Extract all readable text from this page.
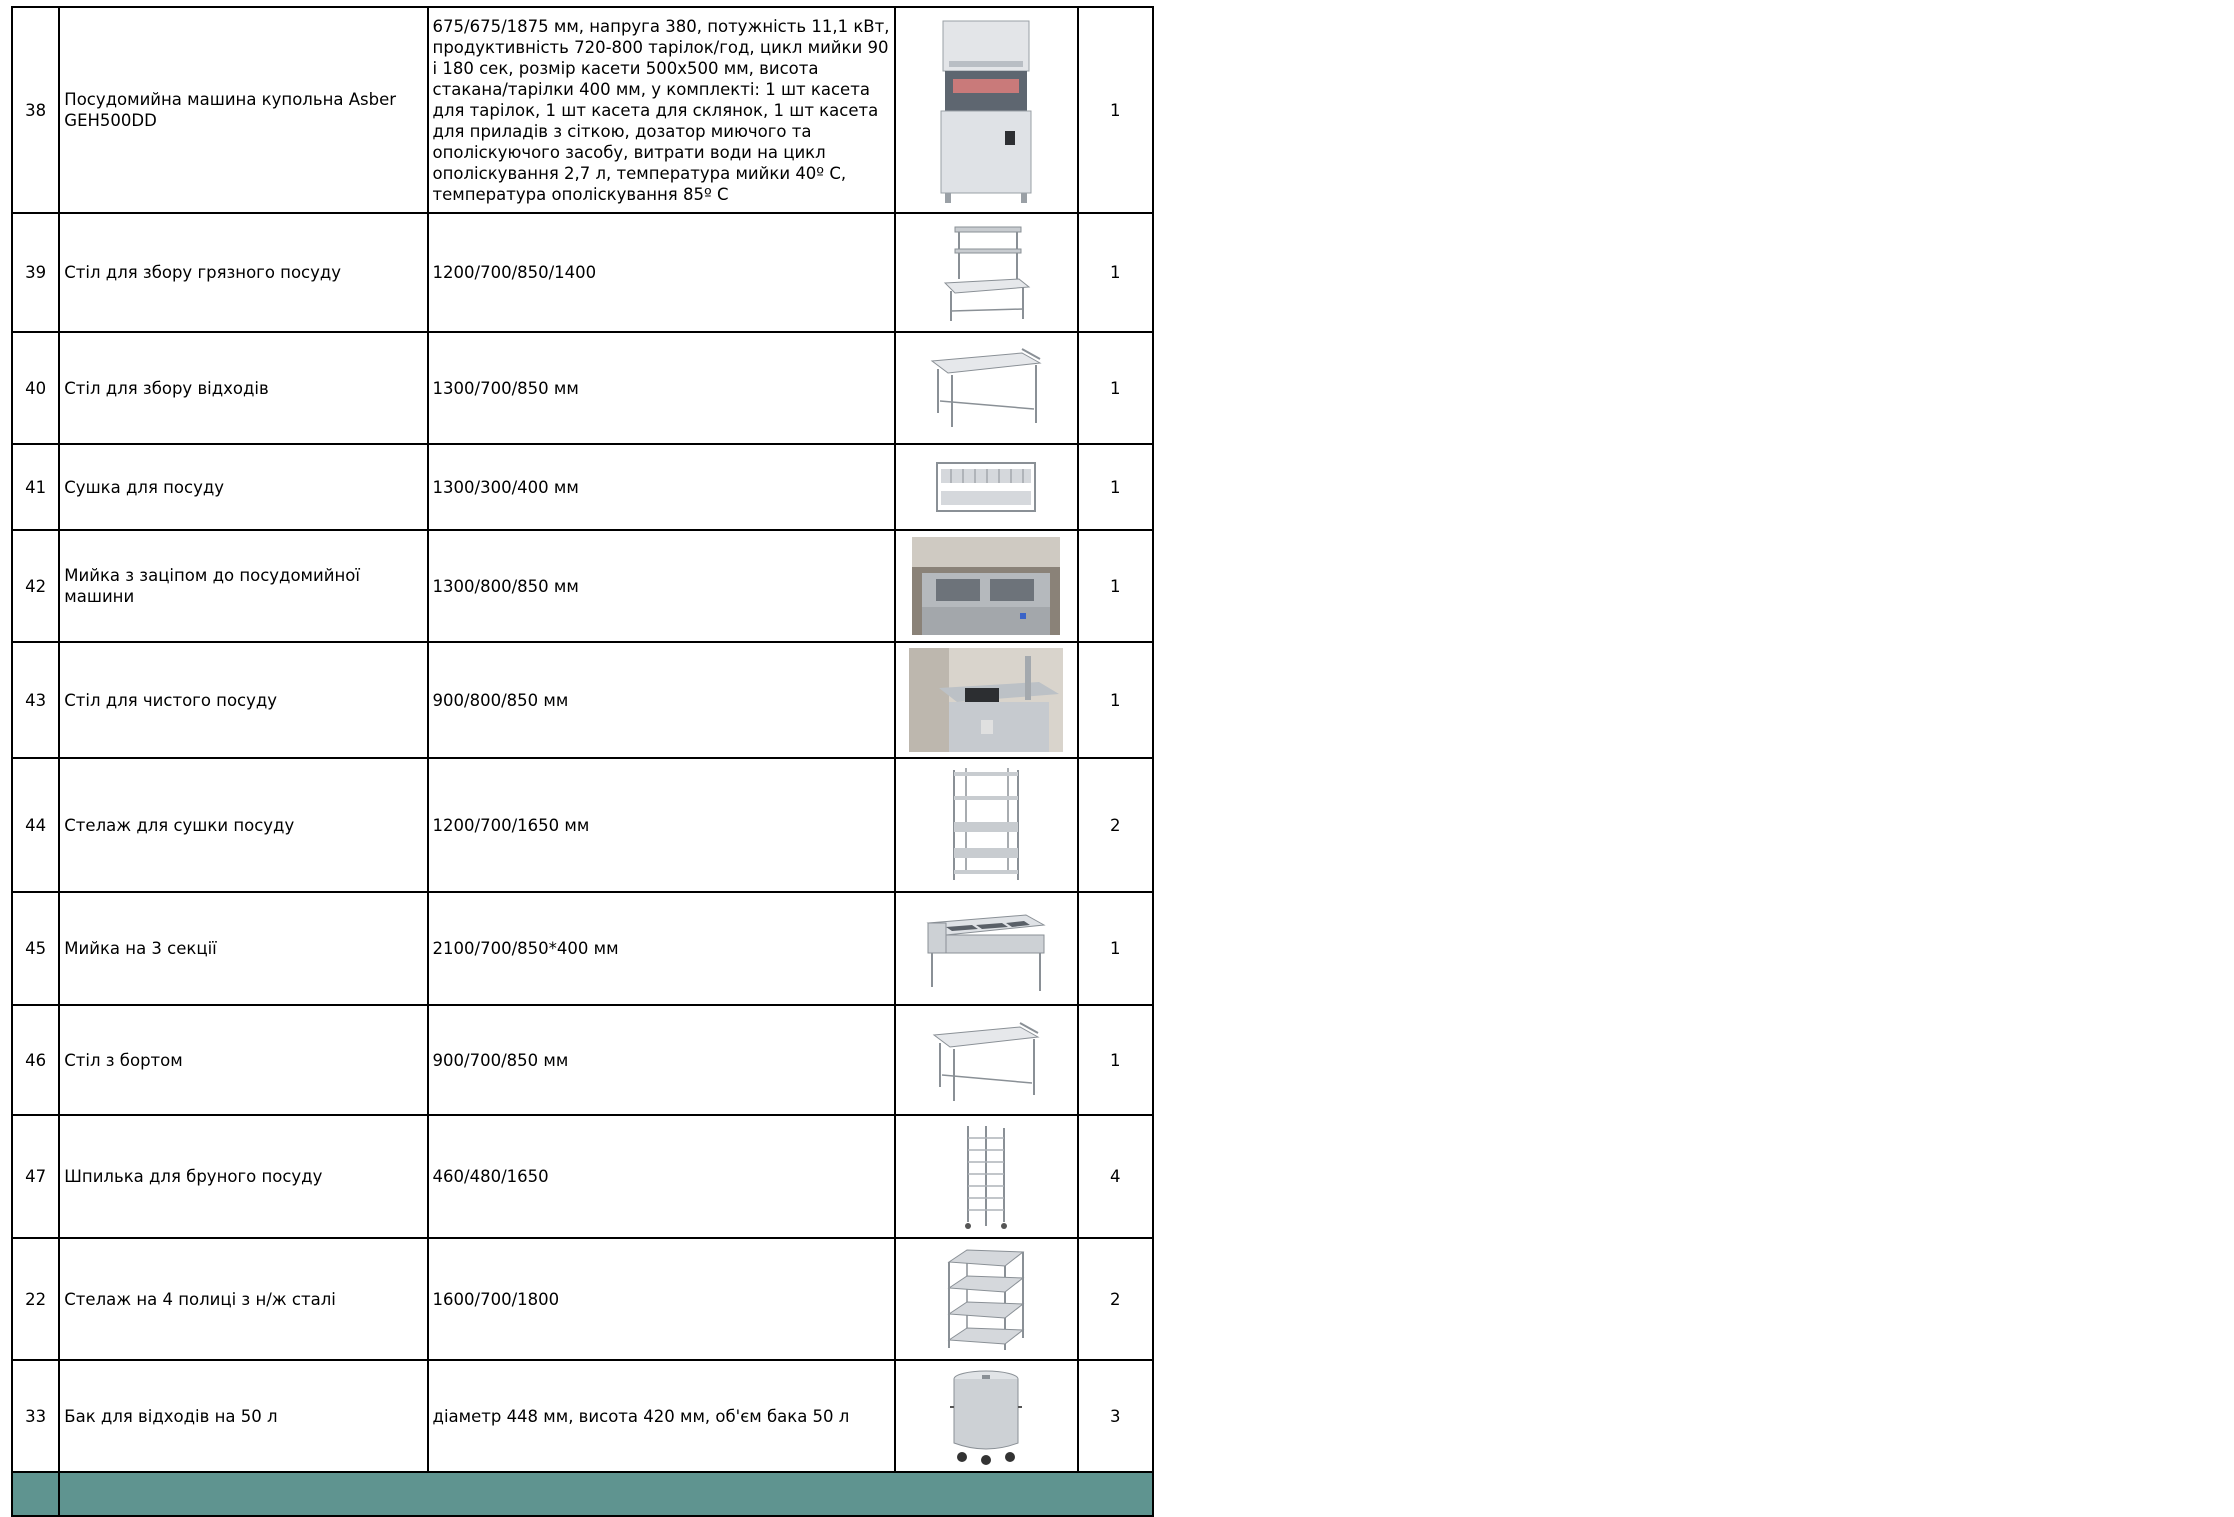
38	Посудомийна машина купольна Asber GEH500DD	675/675/1875 мм, напруга 380, потужність 11,1 кВт, продуктивність 720-800 тарілок/год, цикл мийки 90 і 180 сек, розмір касети 500x500 мм, висота стакана/тарілки 400 мм, у комплекті: 1 шт касета для тарілок, 1 шт касета для склянок, 1 шт касета для приладів з сіткою, дозатор миючого та ополіскуючого засобу, витрати води на цикл ополіскування 2,7 л, температура мийки 40º С, температура ополіскування 85º С		1
39	Стіл для збору грязного посуду	1200/700/850/1400		1
40	Стіл для збору відходів	1300/700/850 мм		1
41	Сушка для посуду	1300/300/400 мм		1
42	Мийка з заціпом до посудомийної машини	1300/800/850 мм		1
43	Стіл для чистого посуду	900/800/850 мм		1
44	Стелаж для сушки посуду	1200/700/1650 мм		2
45	Мийка на 3 секції	2100/700/850*400 мм		1
46	Стіл з бортом	900/700/850 мм		1
47	Шпилька для бруного посуду	460/480/1650		4
22	Стелаж на 4 полиці з н/ж сталі	1600/700/1800		2
33	Бак для відходів на 50 л	діаметр 448 мм, висота 420 мм, об'єм бака 50 л		3
